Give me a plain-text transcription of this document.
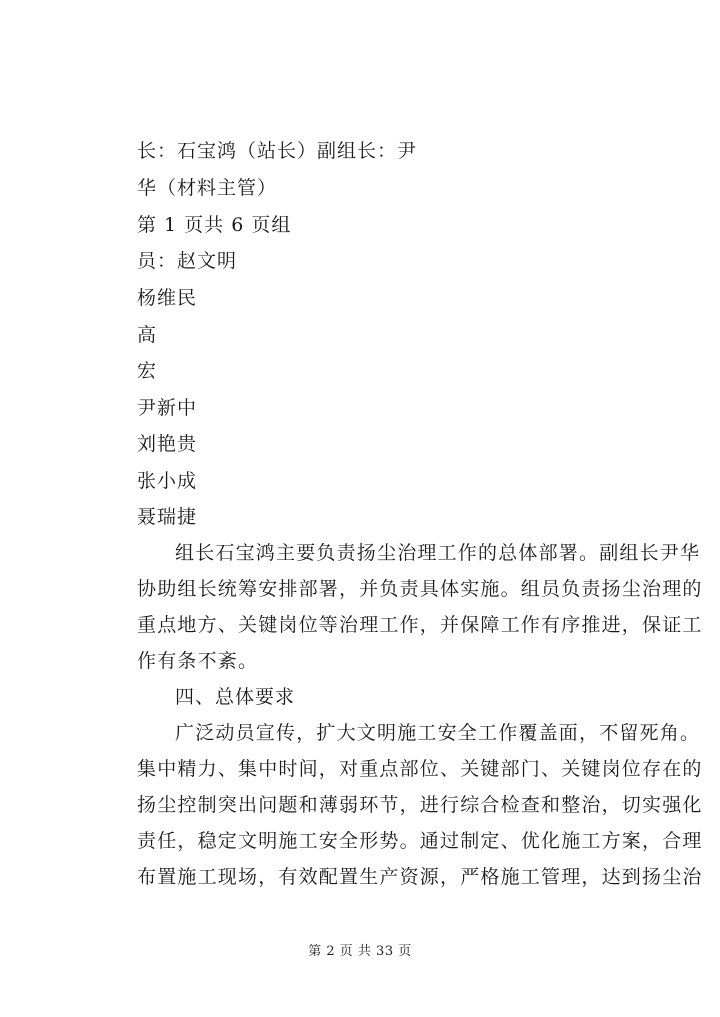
长：石宝鸿（站长）副组长：尹
华（材料主管）
第 1 页共 6 页组
员：赵文明
杨维民
高
宏
尹新中
刘艳贵
张小成
聂瑞捷
组长石宝鸿主要负责扬尘治理工作的总体部署。副组长尹华
协助组长统筹安排部署，并负责具体实施。组员负责扬尘治理的
重点地方、关键岗位等治理工作，并保障工作有序推进，保证工
作有条不紊。
四、总体要求
广泛动员宣传，扩大文明施工安全工作覆盖面，不留死角。
集中精力、集中时间，对重点部位、关键部门、关键岗位存在的
扬尘控制突出问题和薄弱环节，进行综合检查和整治，切实强化
责任，稳定文明施工安全形势。通过制定、优化施工方案，合理
布置施工现场，有效配置生产资源，严格施工管理，达到扬尘治
第 2 页 共 33 页
